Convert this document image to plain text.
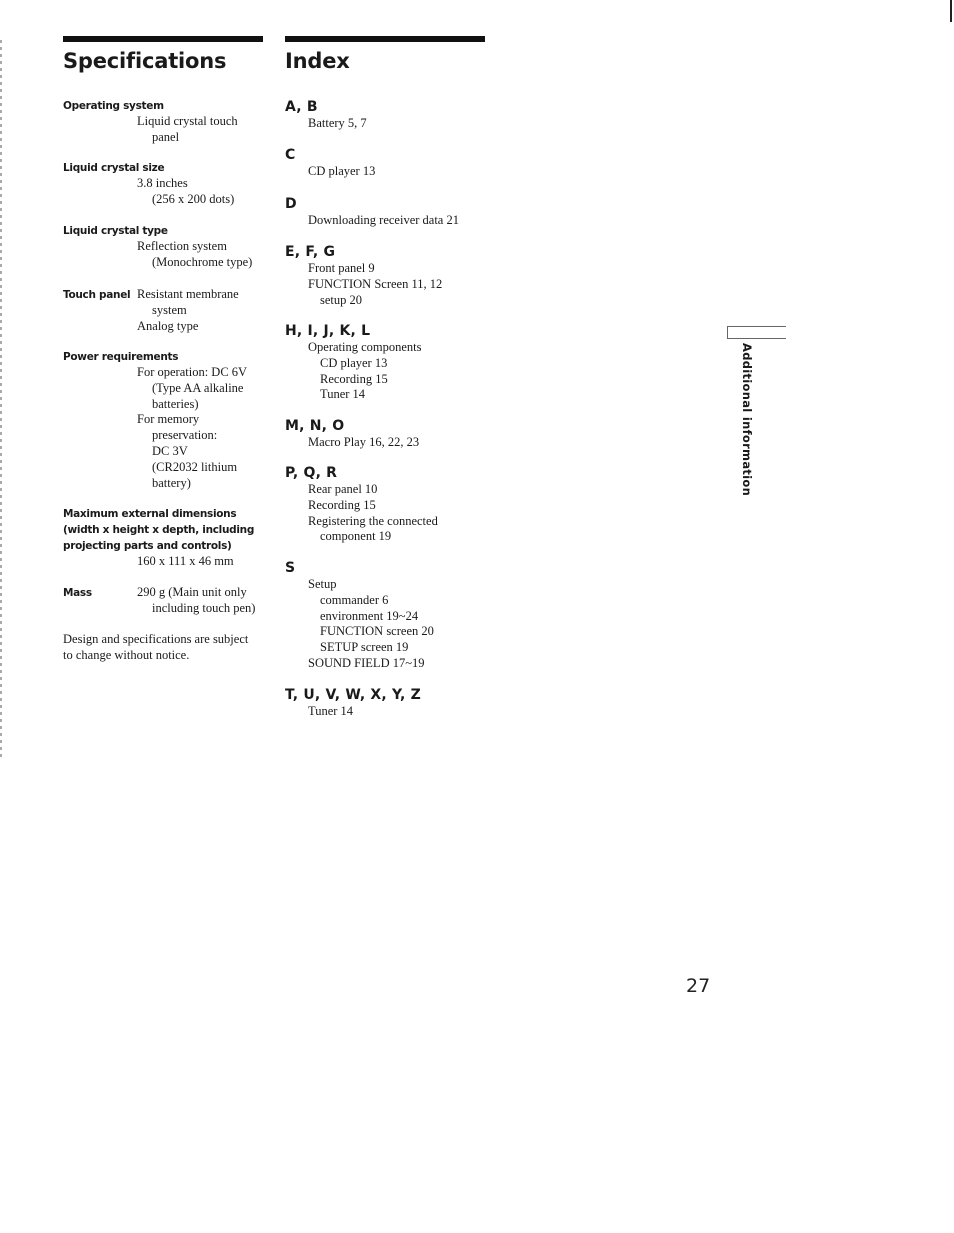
Specifications
Operating system
Liquid crystal touch
panel
Liquid crystal size
3.8 inches
(256 x 200 dots)
Liquid crystal type
Reflection system
(Monochrome type)
Touch panel Resistant membrane
system
Analog type
Power requirements
For operation: DC 6V
(Type AA alkaline
batteries)
For memory
preservation:
DC 3V
(CR2032 lithium
battery)
Maximum external dimensions
(width x height x depth, including
projecting parts and controls)
160 x 111 x 46 mm
Mass	290 g (Main unit only
including touch pen)
Design and specifications are subject
to change without notice.
Index
A, B
Battery 5, 7
C
CD player 13
D
Downloading receiver data 21
E, F, G
Front panel 9
FUNCTION Screen 11, 12
setup 20
H, I, J, K, L
Operating components
CD player 13
Recording 15
Tuner 14
M, N, O
Macro Play 16, 22, 23
P, Q, R
Rear panel 10
Recording 15
Registering the connected
component 19
S
Setup
commander 6
environment 19~24
FUNCTION screen 20
SETUP screen 19
SOUND FIELD 17~19
T, U, V, W, X, Y, Z
Tuner 14
Additional information
27
